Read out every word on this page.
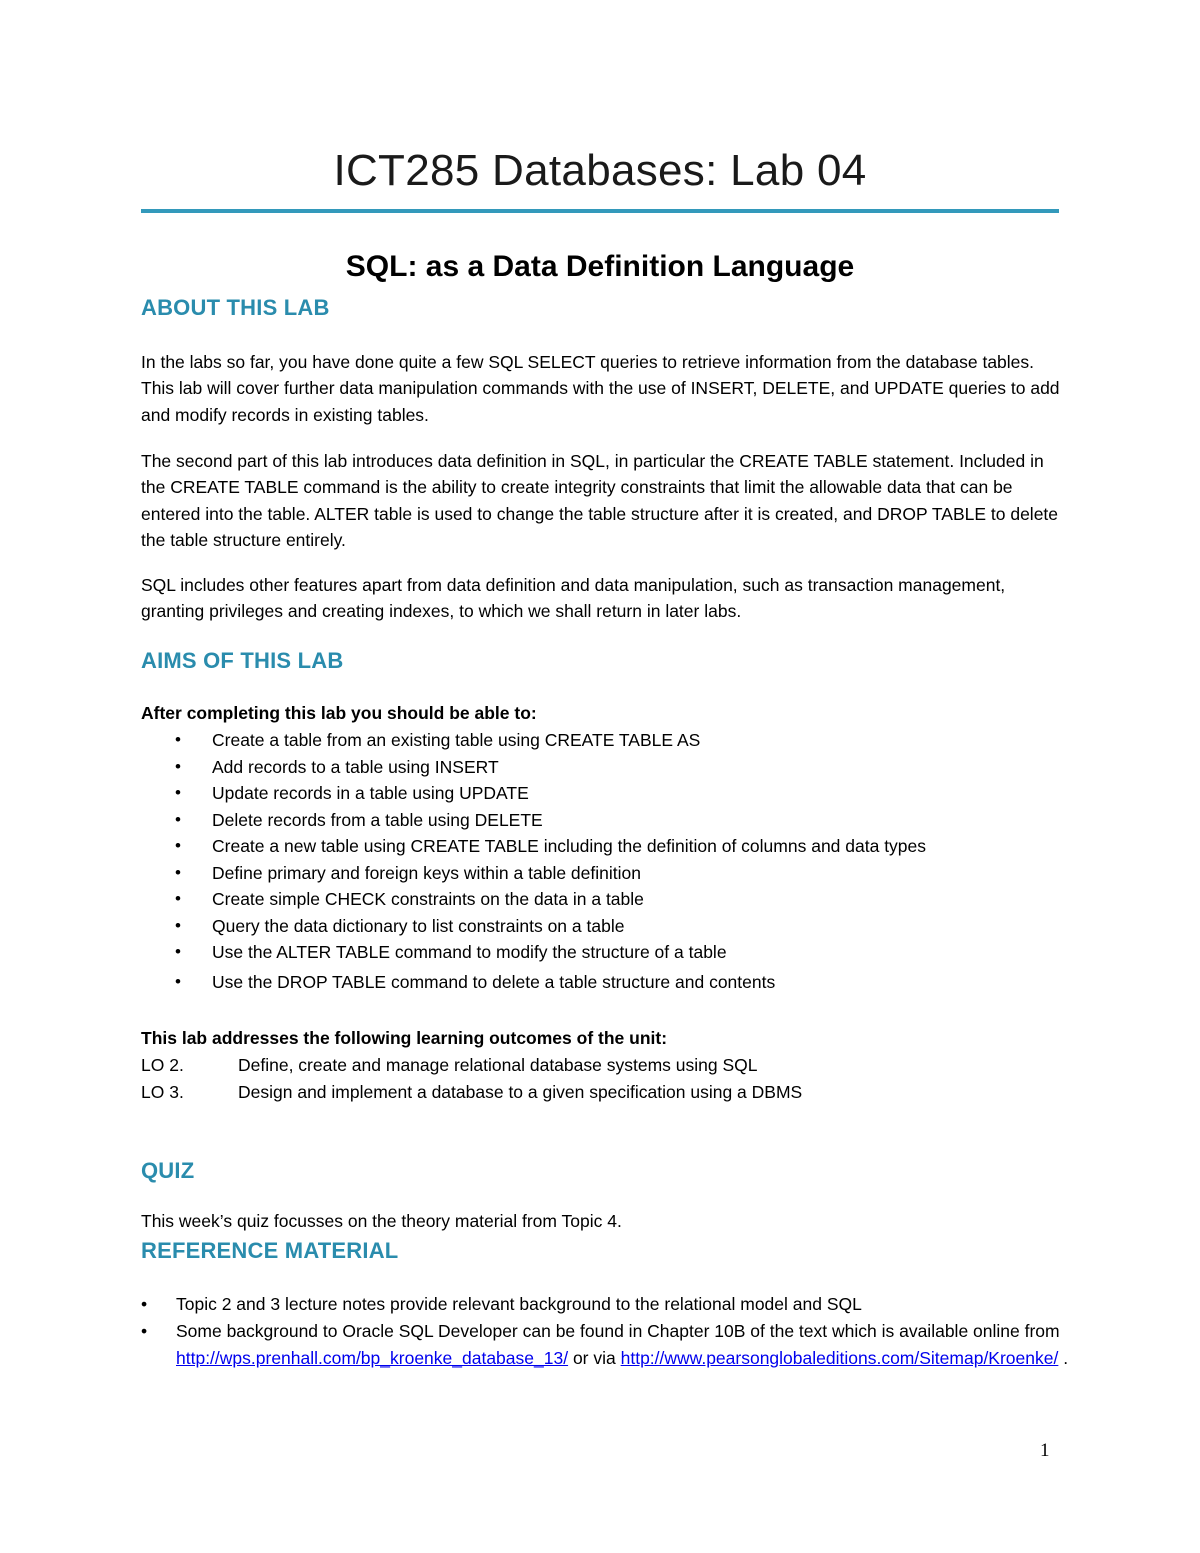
ICT285 Databases: Lab 04
SQL: as a Data Definition Language
ABOUT THIS LAB

In the labs so far, you have done quite a few SQL SELECT queries to retrieve information from the database tables. This lab will cover further data manipulation commands with the use of INSERT, DELETE, and UPDATE queries to add and modify records in existing tables.

The second part of this lab introduces data definition in SQL, in particular the CREATE TABLE statement. Included in the CREATE TABLE command is the ability to create integrity constraints that limit the allowable data that can be entered into the table. ALTER table is used to change the table structure after it is created, and DROP TABLE to delete the table structure entirely.

SQL includes other features apart from data definition and data manipulation, such as transaction management, granting privileges and creating indexes, to which we shall return in later labs.

AIMS OF THIS LAB
After completing this lab you should be able to:
• Create a table from an existing table using CREATE TABLE AS
• Add records to a table using INSERT
• Update records in a table using UPDATE
• Delete records from a table using DELETE
• Create a new table using CREATE TABLE including the definition of columns and data types
• Define primary and foreign keys within a table definition
• Create simple CHECK constraints on the data in a table
• Query the data dictionary to list constraints on a table
• Use the ALTER TABLE command to modify the structure of a table
• Use the DROP TABLE command to delete a table structure and contents
This lab addresses the following learning outcomes of the unit:
LO 2.	Define, create and manage relational database systems using SQL
LO 3.	Design and implement a database to a given specification using a DBMS
QUIZ
This week’s quiz focusses on the theory material from Topic 4.
REFERENCE MATERIAL
• Topic 2 and 3 lecture notes provide relevant background to the relational model and SQL
• Some background to Oracle SQL Developer can be found in Chapter 10B of the text which is available online from http://wps.prenhall.com/bp_kroenke_database_13/ or via http://www.pearsonglobaleditions.com/Sitemap/Kroenke/ .
1
